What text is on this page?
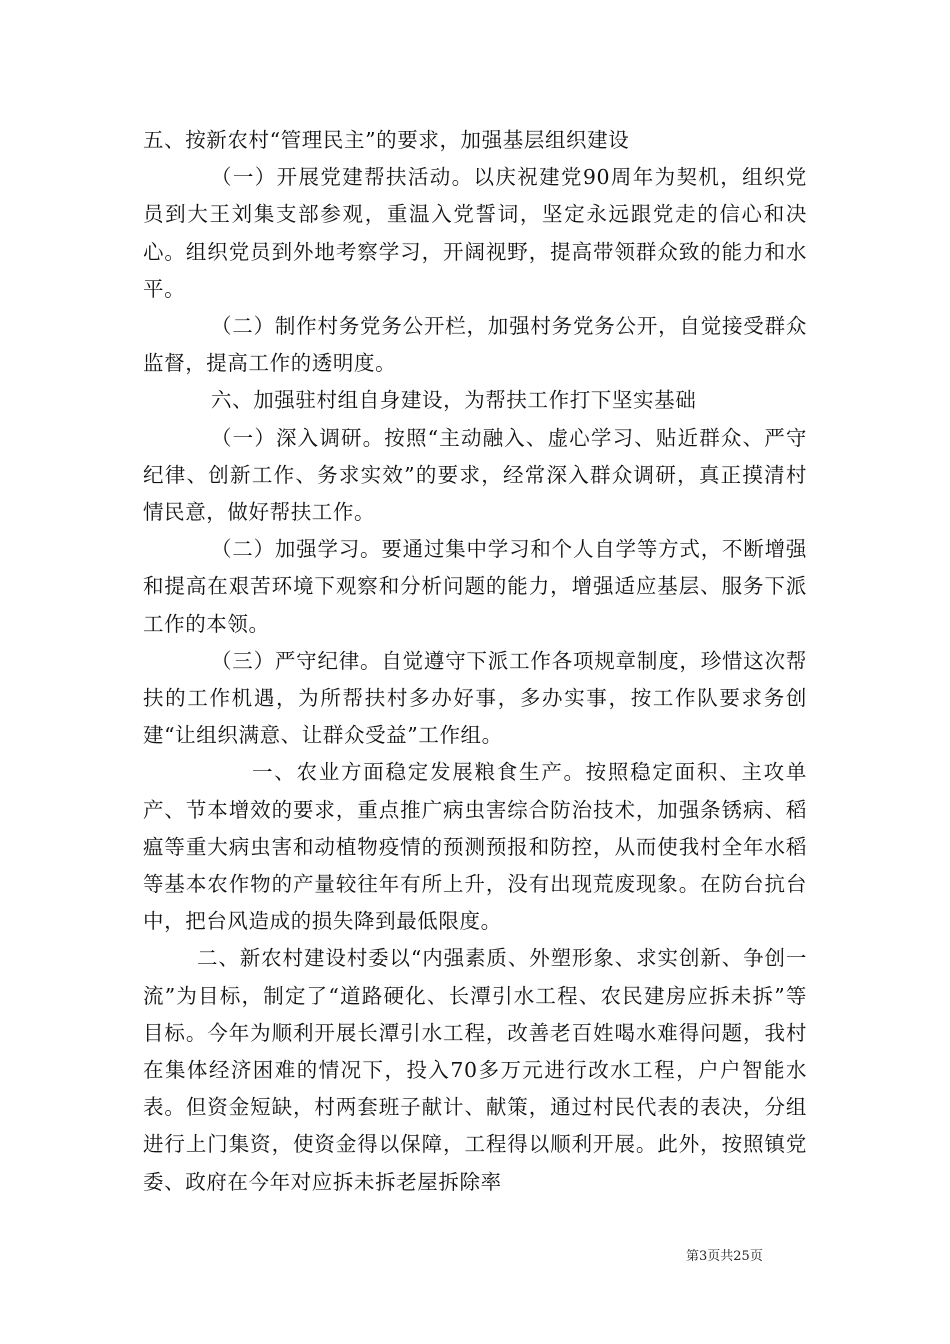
五、按新农村“管理民主”的要求，加强基层组织建设

（一）开展党建帮扶活动。以庆祝建党90周年为契机，组织党员到大王刘集支部参观，重温入党誓词，坚定永远跟党走的信心和决心。组织党员到外地考察学习，开阔视野，提高带领群众致的能力和水平。

（二）制作村务党务公开栏，加强村务党务公开，自觉接受群众监督，提高工作的透明度。

六、加强驻村组自身建设，为帮扶工作打下坚实基础

（一）深入调研。按照“主动融入、虚心学习、贴近群众、严守纪律、创新工作、务求实效”的要求，经常深入群众调研，真正摸清村情民意，做好帮扶工作。

（二）加强学习。要通过集中学习和个人自学等方式，不断增强和提高在艰苦环境下观察和分析问题的能力，增强适应基层、服务下派工作的本领。

（三）严守纪律。自觉遵守下派工作各项规章制度，珍惜这次帮扶的工作机遇，为所帮扶村多办好事，多办实事，按工作队要求务创建“让组织满意、让群众受益”工作组。

一、农业方面稳定发展粮食生产。按照稳定面积、主攻单产、节本增效的要求，重点推广病虫害综合防治技术，加强条锈病、稻瘟等重大病虫害和动植物疫情的预测预报和防控，从而使我村全年水稻等基本农作物的产量较往年有所上升，没有出现荒废现象。在防台抗台中，把台风造成的损失降到最低限度。

二、新农村建设村委以“内强素质、外塑形象、求实创新、争创一流”为目标，制定了“道路硬化、长潭引水工程、农民建房应拆未拆”等目标。今年为顺利开展长潭引水工程，改善老百姓喝水难得问题，我村在集体经济困难的情况下，投入70多万元进行改水工程，户户智能水表。但资金短缺，村两套班子献计、献策，通过村民代表的表决，分组进行上门集资，使资金得以保障，工程得以顺利开展。此外，按照镇党委、政府在今年对应拆未拆老屋拆除率

第3页共25页
